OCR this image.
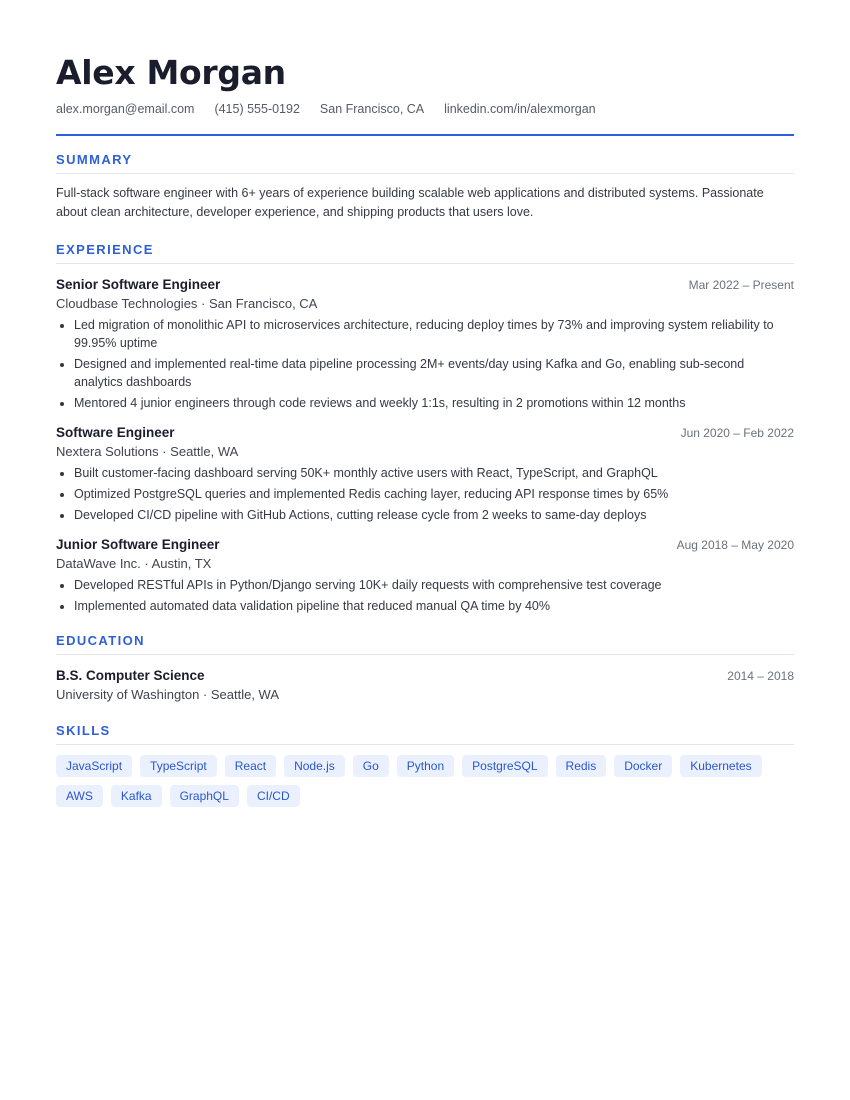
Alex Morgan
alex.morgan@email.com (415) 555-0192 San Francisco, CA linkedin.com/in/alexmorgan
SUMMARY
Full-stack software engineer with 6+ years of experience building scalable web applications and distributed systems. Passionate about clean architecture, developer experience, and shipping products that users love.
EXPERIENCE
Senior Software Engineer	Mar 2022 – Present
Cloudbase Technologies · San Francisco, CA
• Led migration of monolithic API to microservices architecture, reducing deploy times by 73% and improving system reliability to 99.95% uptime
• Designed and implemented real-time data pipeline processing 2M+ events/day using Kafka and Go, enabling sub-second analytics dashboards
• Mentored 4 junior engineers through code reviews and weekly 1:1s, resulting in 2 promotions within 12 months
Software Engineer	Jun 2020 – Feb 2022
Nextera Solutions · Seattle, WA
• Built customer-facing dashboard serving 50K+ monthly active users with React, TypeScript, and GraphQL
• Optimized PostgreSQL queries and implemented Redis caching layer, reducing API response times by 65%
• Developed CI/CD pipeline with GitHub Actions, cutting release cycle from 2 weeks to same-day deploys
Junior Software Engineer	Aug 2018 – May 2020
DataWave Inc. · Austin, TX
• Developed RESTful APIs in Python/Django serving 10K+ daily requests with comprehensive test coverage
• Implemented automated data validation pipeline that reduced manual QA time by 40%
EDUCATION
B.S. Computer Science	2014 – 2018
University of Washington · Seattle, WA
SKILLS
JavaScript	TypeScript	React	Node.js	Go	Python	PostgreSQL	Redis	Docker	Kubernetes
AWS	Kafka	GraphQL	CI/CD
